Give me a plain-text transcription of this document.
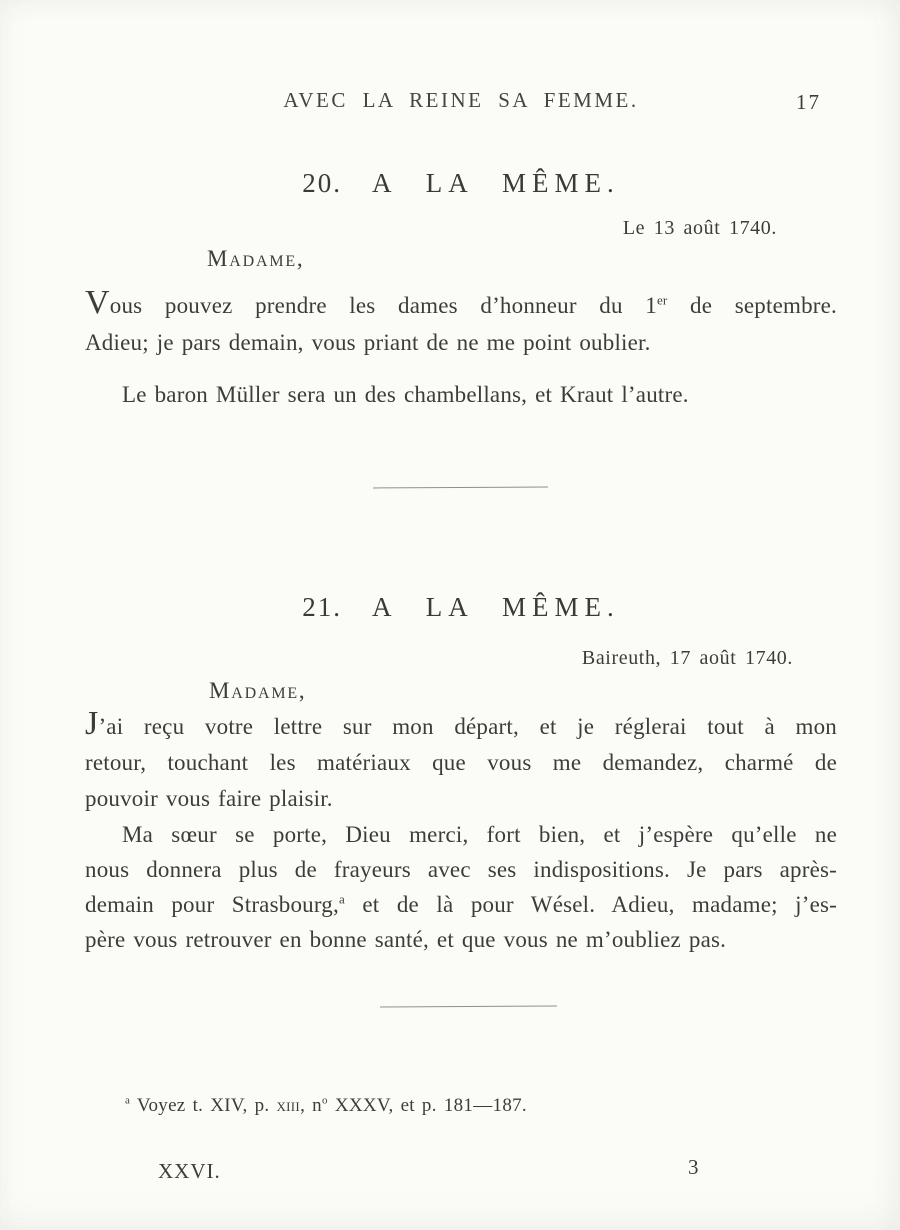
AVEC LA REINE SA FEMME.	17
20. A LA MÊME.
Le 13 août 1740.
Madame,
Vous pouvez prendre les dames d’honneur du 1er de septembre.
Adieu; je pars demain, vous priant de ne me point oublier.
Le baron Müller sera un des chambellans, et Kraut l’autre.
21. A LA MÊME.
Baireuth, 17 août 1740.
Madame,
J’ai reçu votre lettre sur mon départ, et je réglerai tout à mon
retour, touchant les matériaux que vous me demandez, charmé de
pouvoir vous faire plaisir.
Ma sœur se porte, Dieu merci, fort bien, et j’espère qu’elle ne
nous donnera plus de frayeurs avec ses indispositions. Je pars après-
demain pour Strasbourg,$^a$ et de là pour Wésel. Adieu, madame; j’es-
père vous retrouver en bonne santé, et que vous ne m’oubliez pas.
$^a$ Voyez t. XIV, p. xiii, $n^o$ XXXV, et p. 181—187.
XXVI.	3
